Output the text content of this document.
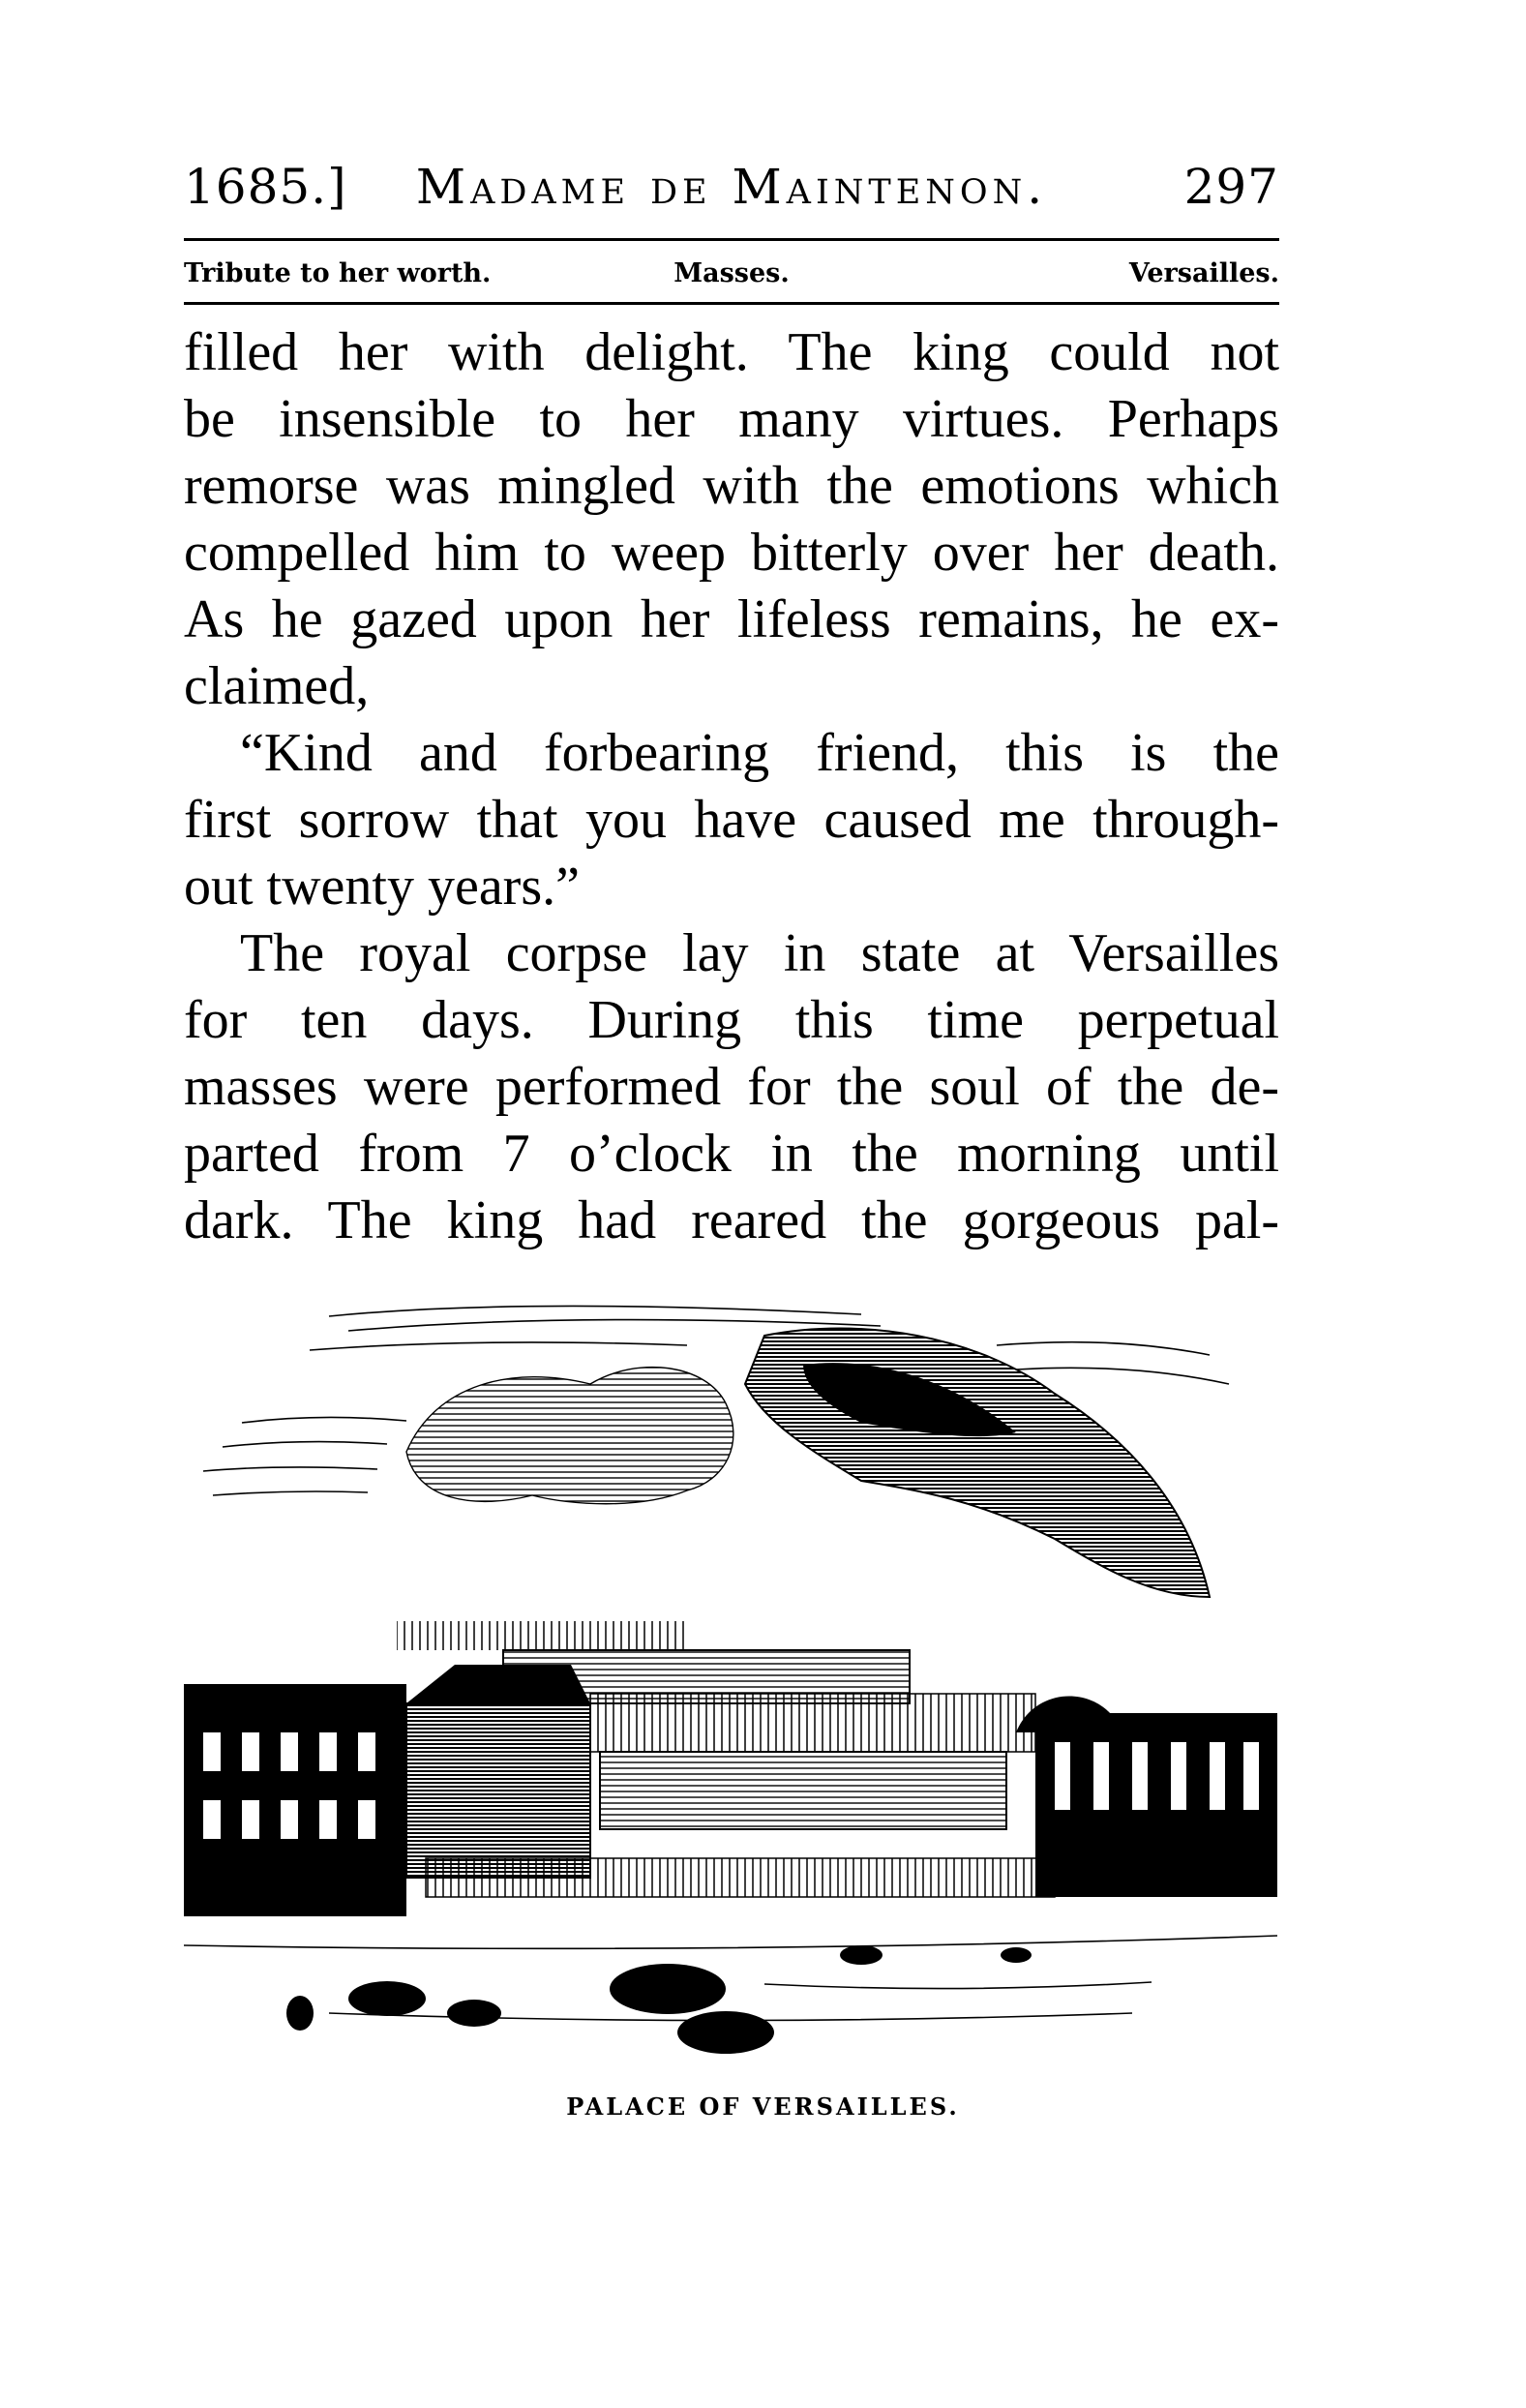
1685.]	Madame de Maintenon.	297
Tribute to her worth.	Masses.	Versailles.

filled her with delight. The king could not
be insensible to her many virtues. Perhaps
remorse was mingled with the emotions which
compelled him to weep bitterly over her death.
As he gazed upon her lifeless remains, he ex-
claimed,

“Kind and forbearing friend, this is the
first sorrow that you have caused me through-
out twenty years.”

The royal corpse lay in state at Versailles
for ten days. During this time perpetual
masses were performed for the soul of the de-
parted from 7 o’clock in the morning until
dark. The king had reared the gorgeous pal-

PALACE OF VERSAILLES.
